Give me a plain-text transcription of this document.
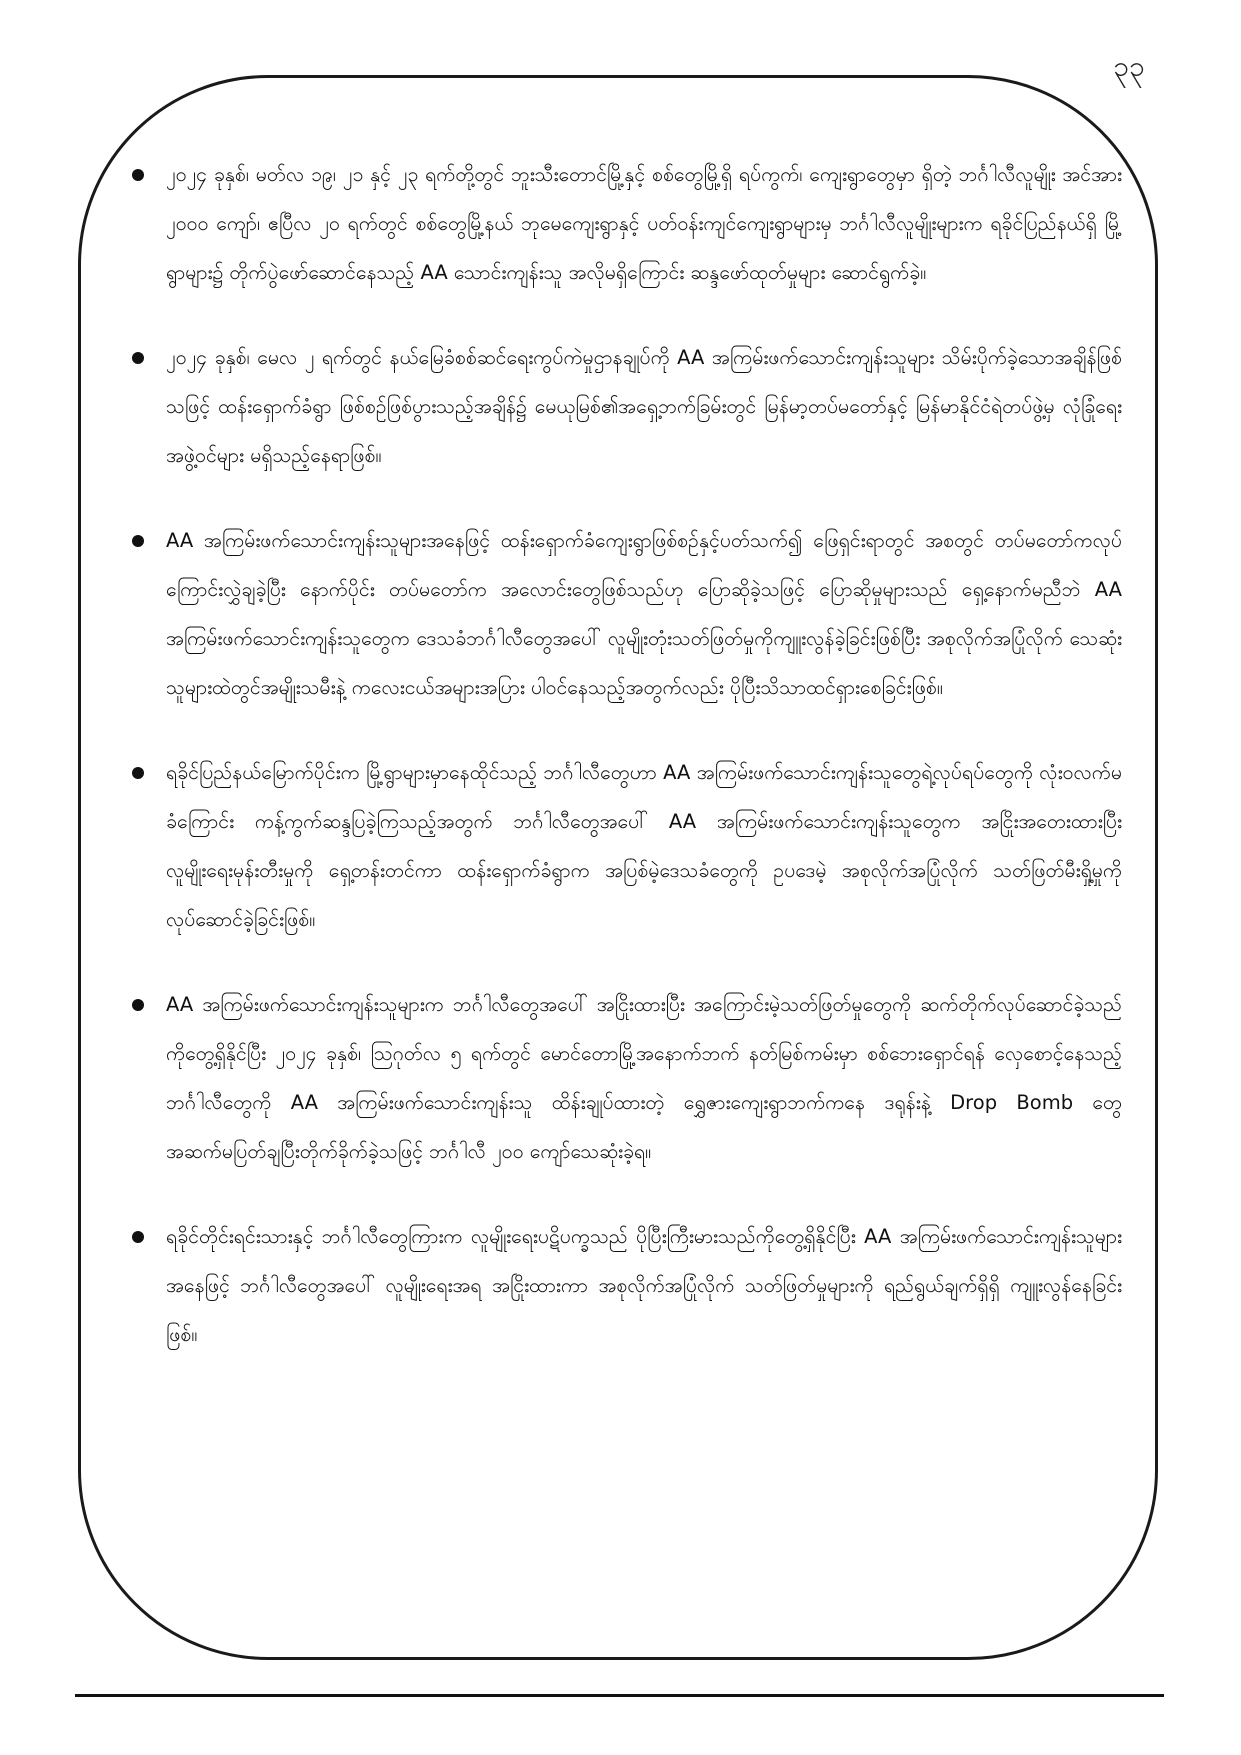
၃၃
၂၀၂၄ ခုနှစ်၊ မတ်လ ၁၉၊ ၂၁ နှင့် ၂၃ ရက်တို့တွင် ဘူးသီးတောင်မြို့နှင့် စစ်တွေမြို့ရှိ ရပ်ကွက်၊ ကျေးရွာတွေမှာ ရှိတဲ့ ဘင်္ဂါလီလူမျိုး အင်အား ၂၀၀၀ ကျော်၊ ဧပြီလ ၂၀ ရက်တွင် စစ်တွေမြို့နယ် ဘုမေကျေးရွာနှင့် ပတ်ဝန်းကျင်ကျေးရွာများမှ ဘင်္ဂါလီလူမျိုးများက ရခိုင်ပြည်နယ်ရှိ မြို့ရွာများ၌ တိုက်ပွဲဖော်ဆောင်နေသည့် AA သောင်းကျန်းသူ အလိုမရှိကြောင်း ဆန္ဒဖော်ထုတ်မှုများ ဆောင်ရွက်ခဲ့။
၂၀၂၄ ခုနှစ်၊ မေလ ၂ ရက်တွင် နယ်မြေခံစစ်ဆင်ရေးကွပ်ကဲမှုဌာနချုပ်ကို AA အကြမ်းဖက်သောင်းကျန်းသူများ သိမ်းပိုက်ခဲ့သောအချိန်ဖြစ်သဖြင့် ထန်းရှောက်ခံရွာ ဖြစ်စဉ်ဖြစ်ပွားသည့်အချိန်၌ မေယုမြစ်၏အရှေ့ဘက်ခြမ်းတွင် မြန်မာ့တပ်မတော်နှင့် မြန်မာနိုင်ငံရဲတပ်ဖွဲ့မှ လုံခြုံရေးအဖွဲ့ဝင်များ မရှိသည့်နေရာဖြစ်။
AA အကြမ်းဖက်သောင်းကျန်းသူများအနေဖြင့် ထန်းရှောက်ခံကျေးရွာဖြစ်စဉ်နှင့်ပတ်သက်၍ ဖြေရှင်းရာတွင် အစတွင် တပ်မတော်ကလုပ်ကြောင်းလွှဲချခဲ့ပြီး နောက်ပိုင်း တပ်မတော်က အလောင်းတွေဖြစ်သည်ဟု ပြောဆိုခဲ့သဖြင့် ပြောဆိုမှုများသည် ရှေ့နောက်မညီဘဲ AA အကြမ်းဖက်သောင်းကျန်းသူတွေက ဒေသခံဘင်္ဂါလီတွေအပေါ် လူမျိုးတုံးသတ်ဖြတ်မှုကိုကျူးလွန်ခဲ့ခြင်းဖြစ်ပြီး အစုလိုက်အပြုံလိုက် သေဆုံးသူများထဲတွင်အမျိုးသမီးနဲ့ ကလေးငယ်အများအပြား ပါဝင်နေသည့်အတွက်လည်း ပိုပြီးသိသာထင်ရှားစေခြင်းဖြစ်။
ရခိုင်ပြည်နယ်မြောက်ပိုင်းက မြို့ရွာများမှာနေထိုင်သည့် ဘင်္ဂါလီတွေဟာ AA အကြမ်းဖက်သောင်းကျန်းသူတွေရဲ့လုပ်ရပ်တွေကို လုံးဝလက်မခံကြောင်း ကန့်ကွက်ဆန္ဒပြခဲ့ကြသည့်အတွက် ဘင်္ဂါလီတွေအပေါ် AA အကြမ်းဖက်သောင်းကျန်းသူတွေက အငြိုးအတေးထားပြီး လူမျိုးရေးမုန်းတီးမှုကို ရှေ့တန်းတင်ကာ ထန်းရှောက်ခံရွာက အပြစ်မဲ့ဒေသခံတွေကို ဥပဒေမဲ့ အစုလိုက်အပြုံလိုက် သတ်ဖြတ်မီးရှို့မှုကို လုပ်ဆောင်ခဲ့ခြင်းဖြစ်။
AA အကြမ်းဖက်သောင်းကျန်းသူများက ဘင်္ဂါလီတွေအပေါ် အငြိုးထားပြီး အကြောင်းမဲ့သတ်ဖြတ်မှုတွေကို ဆက်တိုက်လုပ်ဆောင်ခဲ့သည်ကိုတွေ့ရှိနိုင်ပြီး ၂၀၂၄ ခုနှစ်၊ ဩဂုတ်လ ၅ ရက်တွင် မောင်တောမြို့အနောက်ဘက် နတ်မြစ်ကမ်းမှာ စစ်ဘေးရှောင်ရန် လှေစောင့်နေသည့် ဘင်္ဂါလီတွေကို AA အကြမ်းဖက်သောင်းကျန်းသူ ထိန်းချုပ်ထားတဲ့ ရွှေဇားကျေးရွာဘက်ကနေ ဒရုန်းနဲ့ Drop Bomb တွေ အဆက်မပြတ်ချပြီးတိုက်ခိုက်ခဲ့သဖြင့် ဘင်္ဂါလီ ၂၀၀ ကျော်သေဆုံးခဲ့ရ။
ရခိုင်တိုင်းရင်းသားနှင့် ဘင်္ဂါလီတွေကြားက လူမျိုးရေးပဋိပက္ခသည် ပိုပြီးကြီးမားသည်ကိုတွေ့ရှိနိုင်ပြီး AA အကြမ်းဖက်သောင်းကျန်းသူများအနေဖြင့် ဘင်္ဂါလီတွေအပေါ် လူမျိုးရေးအရ အငြိုးထားကာ အစုလိုက်အပြုံလိုက် သတ်ဖြတ်မှုများကို ရည်ရွယ်ချက်ရှိရှိ ကျူးလွန်နေခြင်းဖြစ်။
